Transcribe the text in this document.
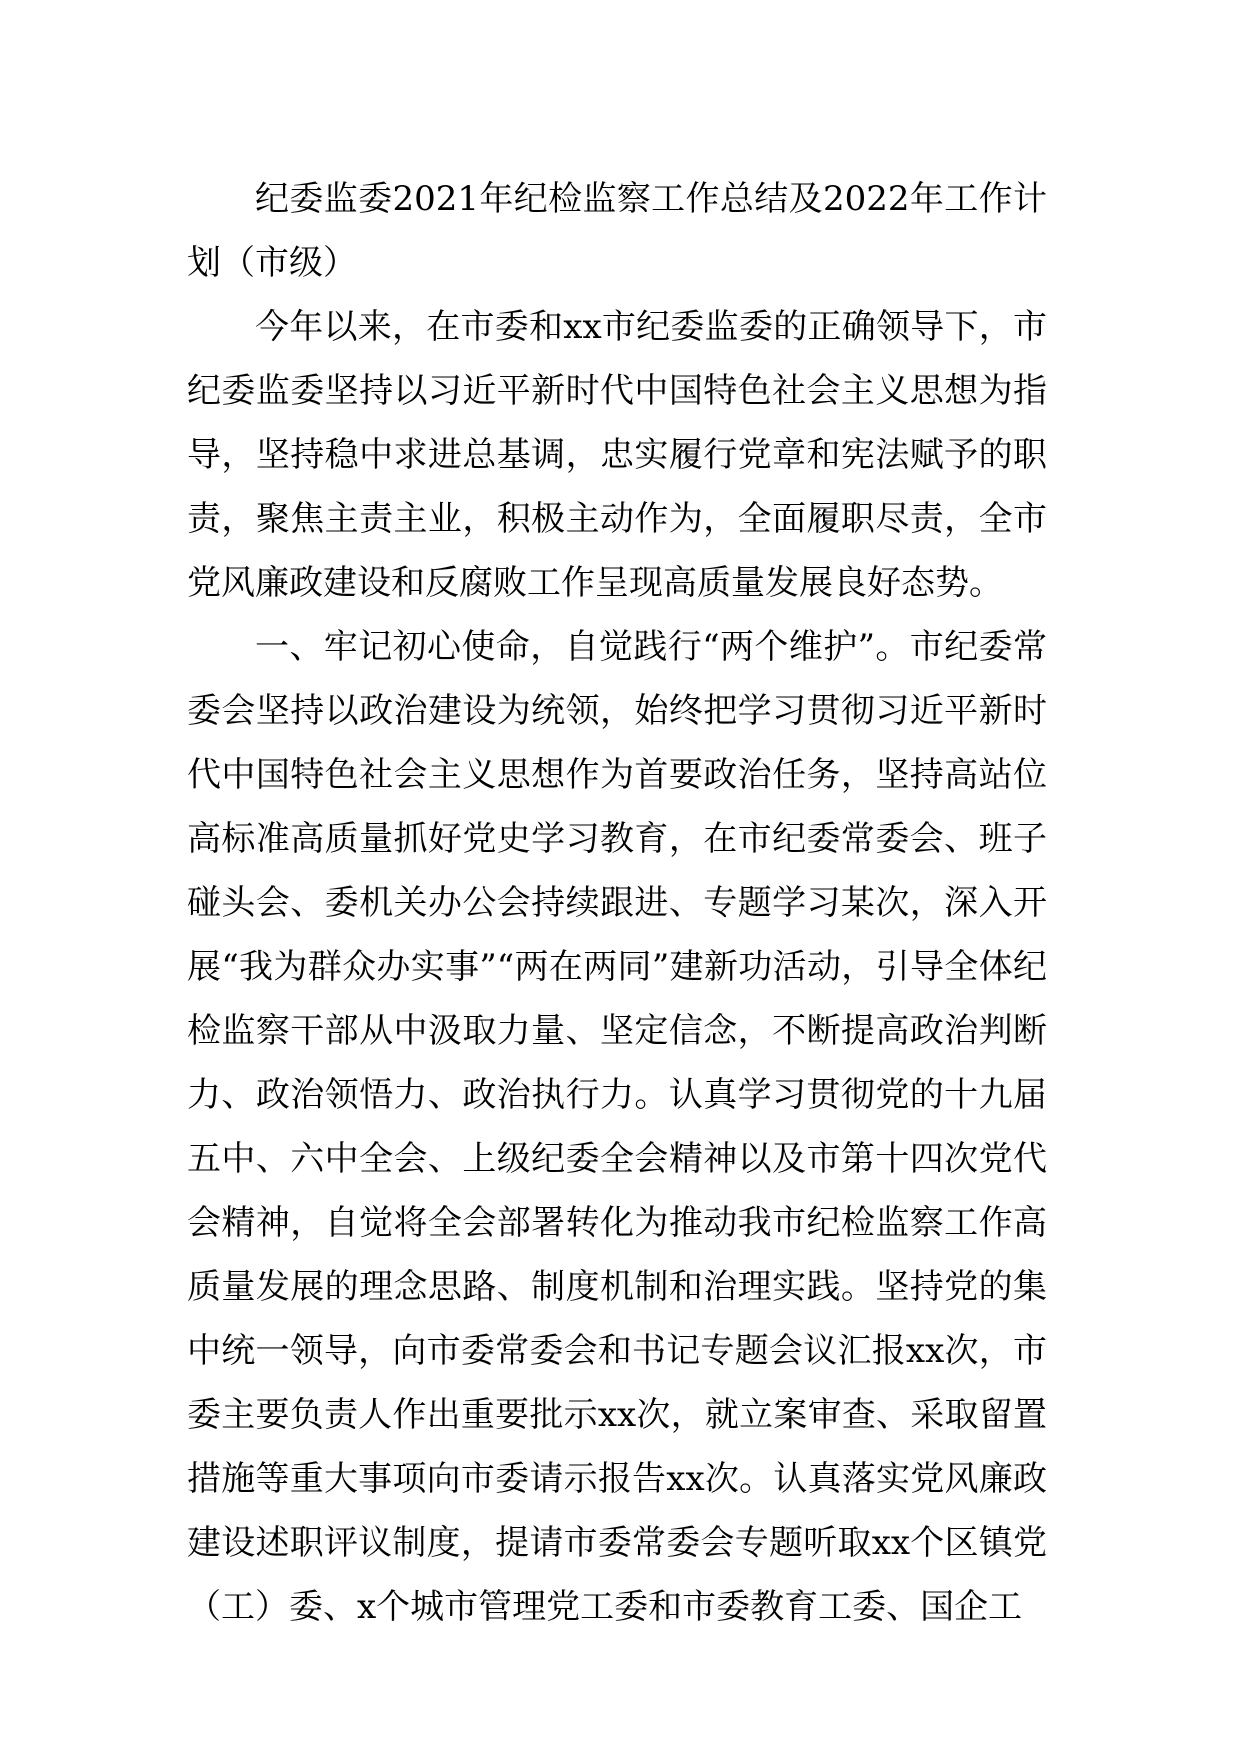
纪委监委2021年纪检监察工作总结及2022年工作计划（市级）

今年以来，在市委和xx市纪委监委的正确领导下，市纪委监委坚持以习近平新时代中国特色社会主义思想为指导，坚持稳中求进总基调，忠实履行党章和宪法赋予的职责，聚焦主责主业，积极主动作为，全面履职尽责，全市党风廉政建设和反腐败工作呈现高质量发展良好态势。

一、牢记初心使命，自觉践行“两个维护”。市纪委常委会坚持以政治建设为统领，始终把学习贯彻习近平新时代中国特色社会主义思想作为首要政治任务，坚持高站位高标准高质量抓好党史学习教育，在市纪委常委会、班子碰头会、委机关办公会持续跟进、专题学习某次，深入开展“我为群众办实事”“两在两同”建新功活动，引导全体纪检监察干部从中汲取力量、坚定信念，不断提高政治判断力、政治领悟力、政治执行力。认真学习贯彻党的十九届五中、六中全会、上级纪委全会精神以及市第十四次党代会精神，自觉将全会部署转化为推动我市纪检监察工作高质量发展的理念思路、制度机制和治理实践。坚持党的集中统一领导，向市委常委会和书记专题会议汇报xx次，市委主要负责人作出重要批示xx次，就立案审查、采取留置措施等重大事项向市委请示报告xx次。认真落实党风廉政建设述职评议制度，提请市委常委会专题听取xx个区镇党（工）委、x个城市管理党工委和市委教育工委、国企工
